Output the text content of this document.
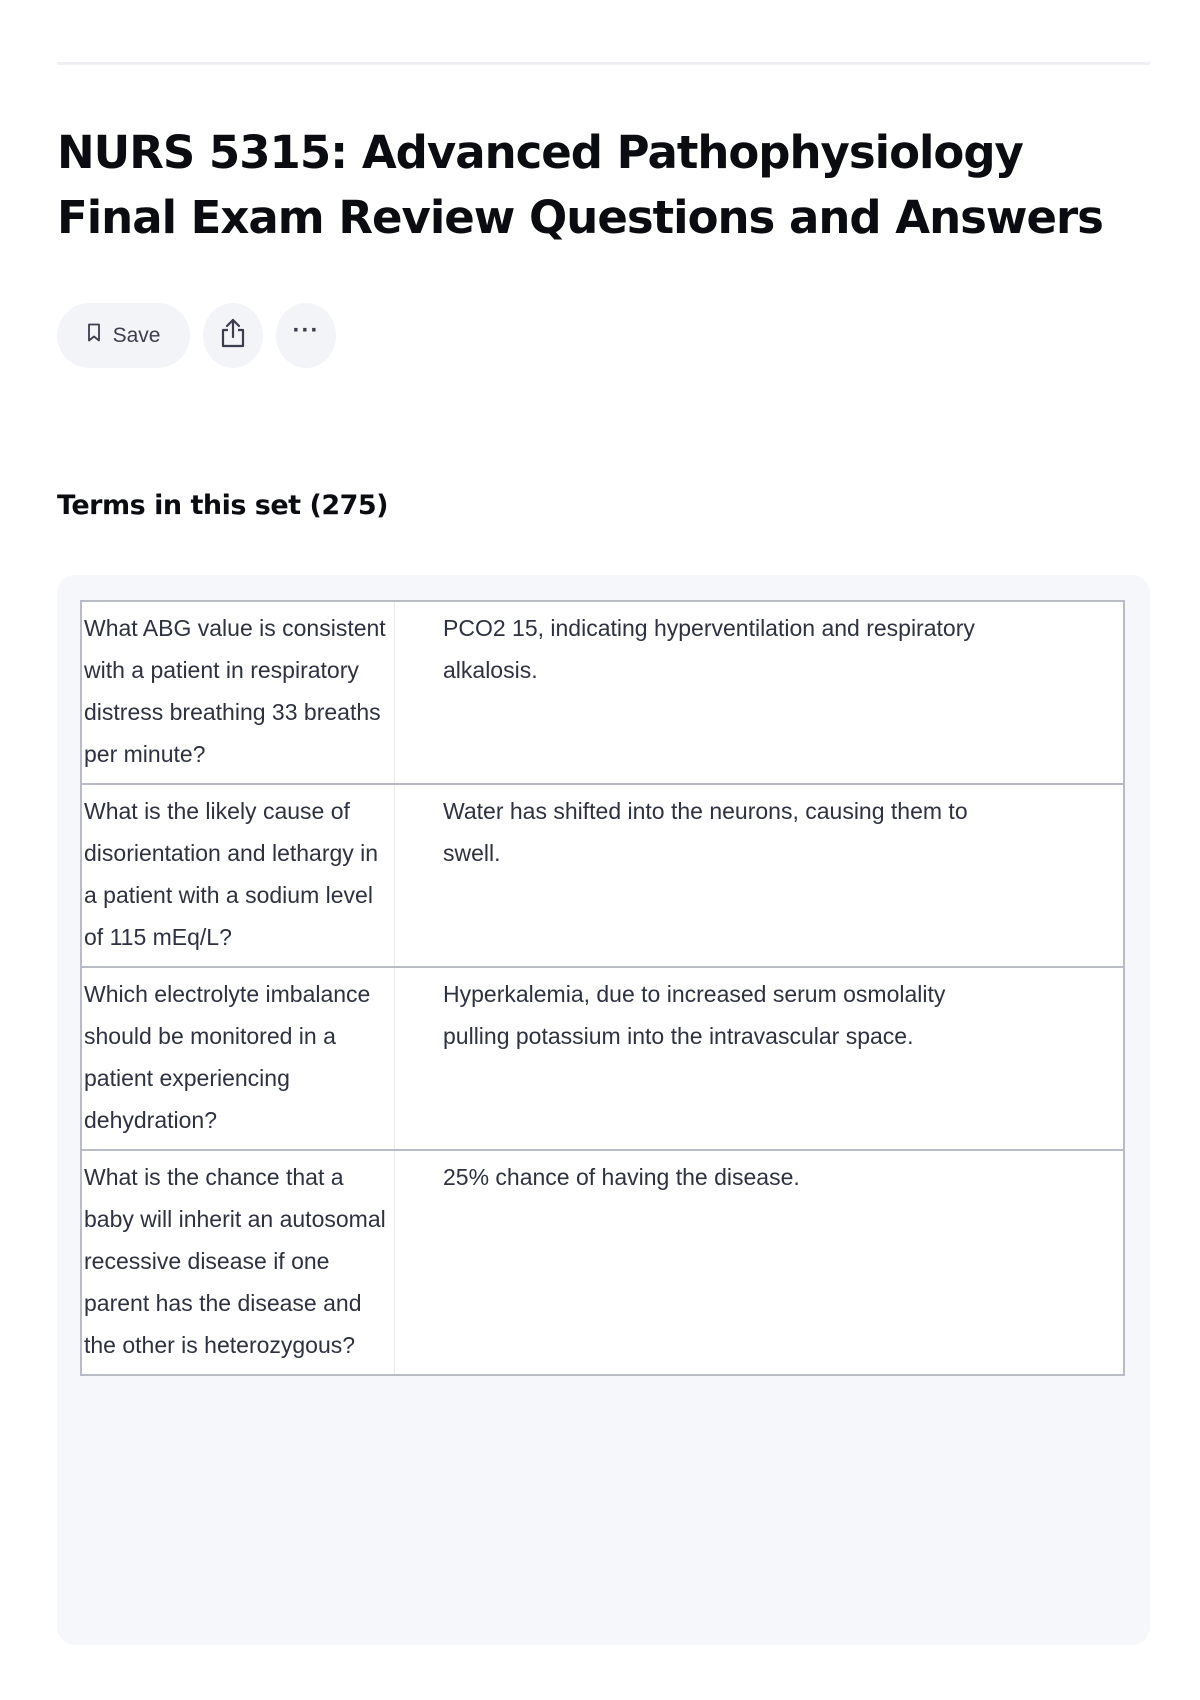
NURS 5315: Advanced Pathophysiology Final Exam Review Questions and Answers
Save	···
Terms in this set (275)
What ABG value is consistent with a patient in respiratory distress breathing 33 breaths per minute?
PCO2 15, indicating hyperventilation and respiratory alkalosis.
What is the likely cause of disorientation and lethargy in a patient with a sodium level of 115 mEq/L?
Water has shifted into the neurons, causing them to swell.
Which electrolyte imbalance should be monitored in a patient experiencing dehydration?
Hyperkalemia, due to increased serum osmolality pulling potassium into the intravascular space.
What is the chance that a baby will inherit an autosomal recessive disease if one parent has the disease and the other is heterozygous?
25% chance of having the disease.
